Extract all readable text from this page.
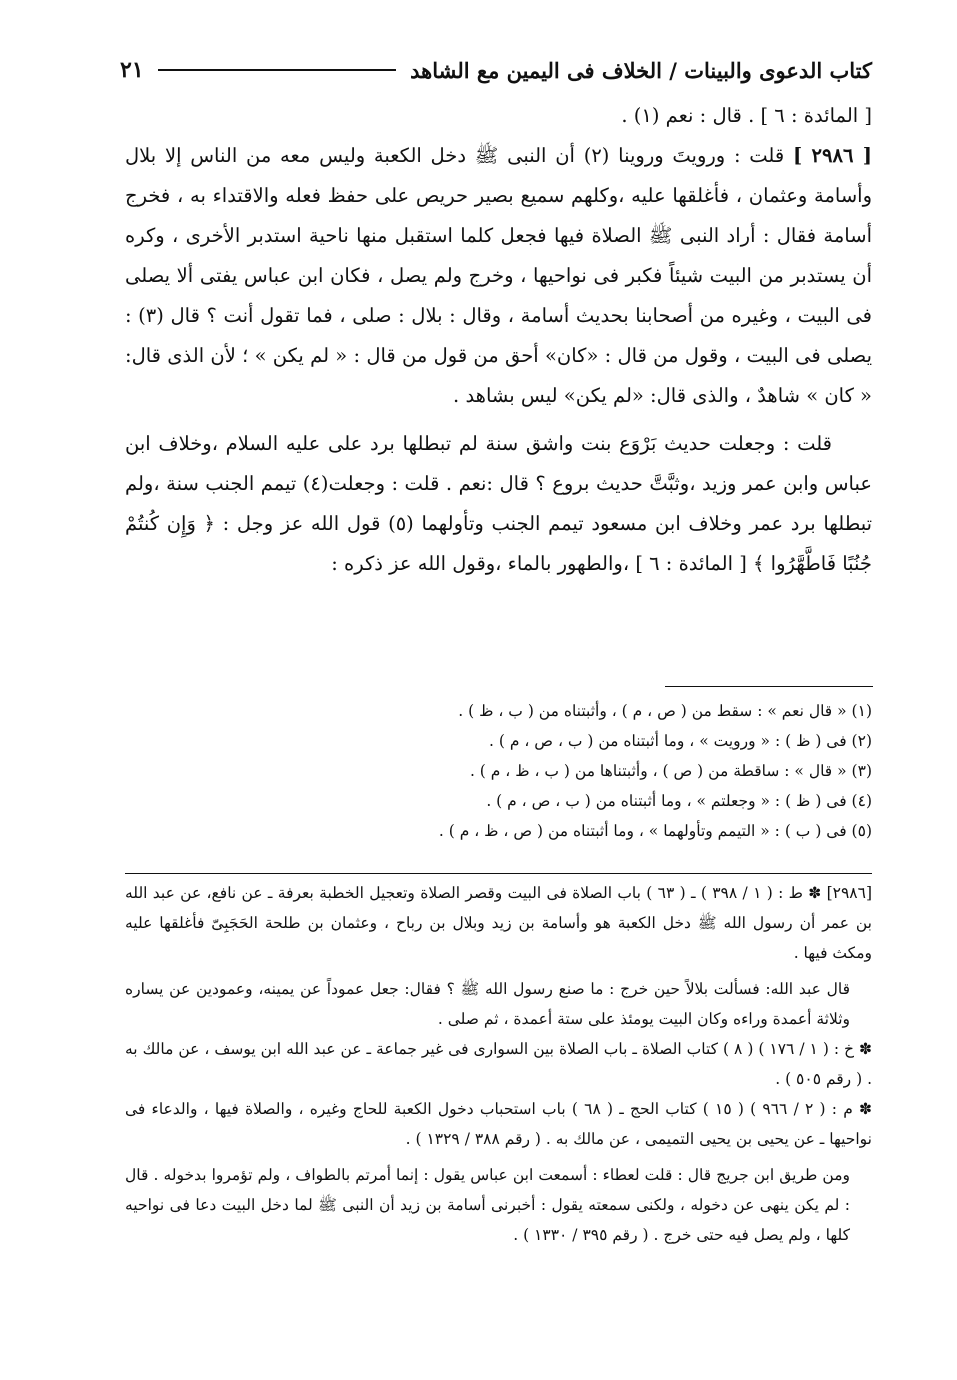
كتاب الدعوى والبينات / الخلاف فى اليمين مع الشاهد
٢١

[ المائدة : ٦ ] . قال : نعم (١) .

[ ٢٩٨٦ ] قلت : ورويتَ وروينا (٢) أن النبى ﷺ دخل الكعبة وليس معه من الناس إلا بلال وأسامة وعثمان ، فأغلقها عليه ،وكلهم سميع بصير حريص على حفظ فعله والاقتداء به ، فخرج أسامة فقال : أراد النبى ﷺ الصلاة فيها فجعل كلما استقبل منها ناحية استدبر الأخرى ، وكره أن يستدبر من البيت شيئاً فكبر فى نواحيها ، وخرج ولم يصل ، فكان ابن عباس يفتى ألا يصلى فى البيت ، وغيره من أصحابنا بحديث أسامة ، وقال : بلال : صلى ، فما تقول أنت ؟ قال (٣) : يصلى فى البيت ، وقول من قال : «كان» أحق من قول من قال : « لم يكن » ؛ لأن الذى قال: « كان » شاهدٌ ، والذى قال: «لم يكن» ليس بشاهد .

قلت : وجعلت حديث بَرْوَع بنت واشق سنة لم تبطلها برد على عليه السلام ،وخلاف ابن عباس وابن عمر وزيد ،وثبَّتَّ حديث بروع ؟ قال :نعم . قلت : وجعلت(٤) تيمم الجنب سنة ،ولم تبطلها برد عمر وخلاف ابن مسعود تيمم الجنب وتأولهما (٥) قول الله عز وجل : ﴿ وَإِن كُنتُمْ جُنُبًا فَاطَّهَّرُوا ﴾ [ المائدة : ٦ ] ،والطهور بالماء ،وقول الله عز ذكره :

(١) « قال نعم » : سقط من ( ص ، م ) ، وأثبتناه من ( ب ، ظ ) .
(٢) فى ( ظ ) : « ورويت » ، وما أثبتناه من ( ب ، ص ، م ) .
(٣) « قال » : ساقطة من ( ص ) ، وأثبتناها من ( ب ، ظ ، م ) .
(٤) فى ( ظ ) : « وجعلتم » ، وما أثبتناه من ( ب ، ص ، م ) .
(٥) فى ( ب ) : « التيمم وتأولهما » ، وما أثبتناه من ( ص ، ظ ، م ) .

[٢٩٨٦] ✽ ط : ( ١ / ٣٩٨ ) ـ ( ٦٣ ) باب الصلاة فى البيت وقصر الصلاة وتعجيل الخطبة بعرفة ـ عن نافع، عن عبد الله بن عمر أن رسول الله ﷺ دخل الكعبة هو وأسامة بن زيد وبلال بن رباح ، وعثمان بن طلحة الحَجَبِىّ فأغلقها عليه ومكث فيها .

قال عبد الله: فسألت بلالاً حين خرج : ما صنع رسول الله ﷺ ؟ فقال: جعل عموداً عن يمينه، وعمودين عن يساره وثلاثة أعمدة وراءه وكان البيت يومئذ على ستة أعمدة ، ثم صلى .

✽ خ : ( ١ / ١٧٦ ) ( ٨ ) كتاب الصلاة ـ باب الصلاة بين السوارى فى غير جماعة ـ عن عبد الله ابن يوسف ، عن مالك به . ( رقم ٥٠٥ ) .

✽ م : ( ٢ / ٩٦٦ ) ( ١٥ ) كتاب الحج ـ ( ٦٨ ) باب استحباب دخول الكعبة للحاج وغيره ، والصلاة فيها ، والدعاء فى نواحيها ـ عن يحيى بن يحيى التميمى ، عن مالك به . ( رقم ٣٨٨ / ١٣٢٩ ) .

ومن طريق ابن جريج قال : قلت لعطاء : أسمعت ابن عباس يقول : إنما أمرتم بالطواف ، ولم تؤمروا بدخوله . قال : لم يكن ينهى عن دخوله ، ولكنى سمعته يقول : أخبرنى أسامة بن زيد أن النبى ﷺ لما دخل البيت دعا فى نواحيه كلها ، ولم يصل فيه حتى خرج . ( رقم ٣٩٥ / ١٣٣٠ ) .
